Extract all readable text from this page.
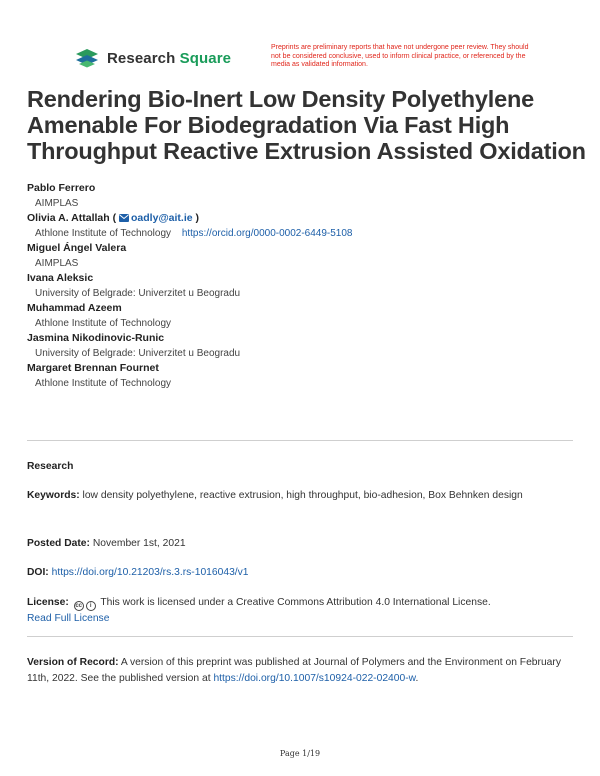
Research Square
Preprints are preliminary reports that have not undergone peer review. They should not be considered conclusive, used to inform clinical practice, or referenced by the media as validated information.
Rendering Bio-Inert Low Density Polyethylene Amenable For Biodegradation Via Fast High Throughput Reactive Extrusion Assisted Oxidation
Pablo Ferrero
AIMPLAS
Olivia A. Attallah ( oadly@ait.ie )
Athlone Institute of Technology https://orcid.org/0000-0002-6449-5108
Miguel Ángel Valera
AIMPLAS
Ivana Aleksic
University of Belgrade: Univerzitet u Beogradu
Muhammad Azeem
Athlone Institute of Technology
Jasmina Nikodinovic-Runic
University of Belgrade: Univerzitet u Beogradu
Margaret Brennan Fournet
Athlone Institute of Technology
Research
Keywords: low density polyethylene, reactive extrusion, high throughput, bio-adhesion, Box Behnken design
Posted Date: November 1st, 2021
DOI: https://doi.org/10.21203/rs.3.rs-1016043/v1
License: cc	i This work is licensed under a Creative Commons Attribution 4.0 International License.
Read Full License
Version of Record: A version of this preprint was published at Journal of Polymers and the Environment on February 11th, 2022. See the published version at https://doi.org/10.1007/s10924-022-02400-w.
Page 1/19
